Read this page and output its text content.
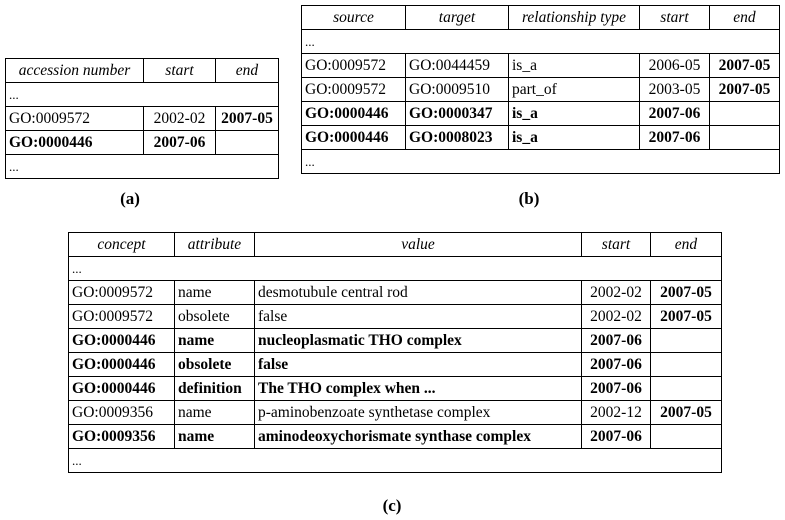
accession number	start	end
...		
GO:0009572	2002-02	2007-05
GO:0000446	2007-06	
...		
(a)
source	target	relationship type	start	end
...				
GO:0009572	GO:0044459	is_a	2006-05	2007-05
GO:0009572	GO:0009510	part_of	2003-05	2007-05
GO:0000446	GO:0000347	is_a	2007-06	
GO:0000446	GO:0008023	is_a	2007-06	
...				
(b)
concept	attribute	value	start	end
...				
GO:0009572	name	desmotubule central rod	2002-02	2007-05
GO:0009572	obsolete	false	2002-02	2007-05
GO:0000446	name	nucleoplasmatic THO complex	2007-06	
GO:0000446	obsolete	false	2007-06	
GO:0000446	definition	The THO complex when ...	2007-06	
GO:0009356	name	p-aminobenzoate synthetase complex	2002-12	2007-05
GO:0009356	name	aminodeoxychorismate synthase complex	2007-06	
...				
(c)
